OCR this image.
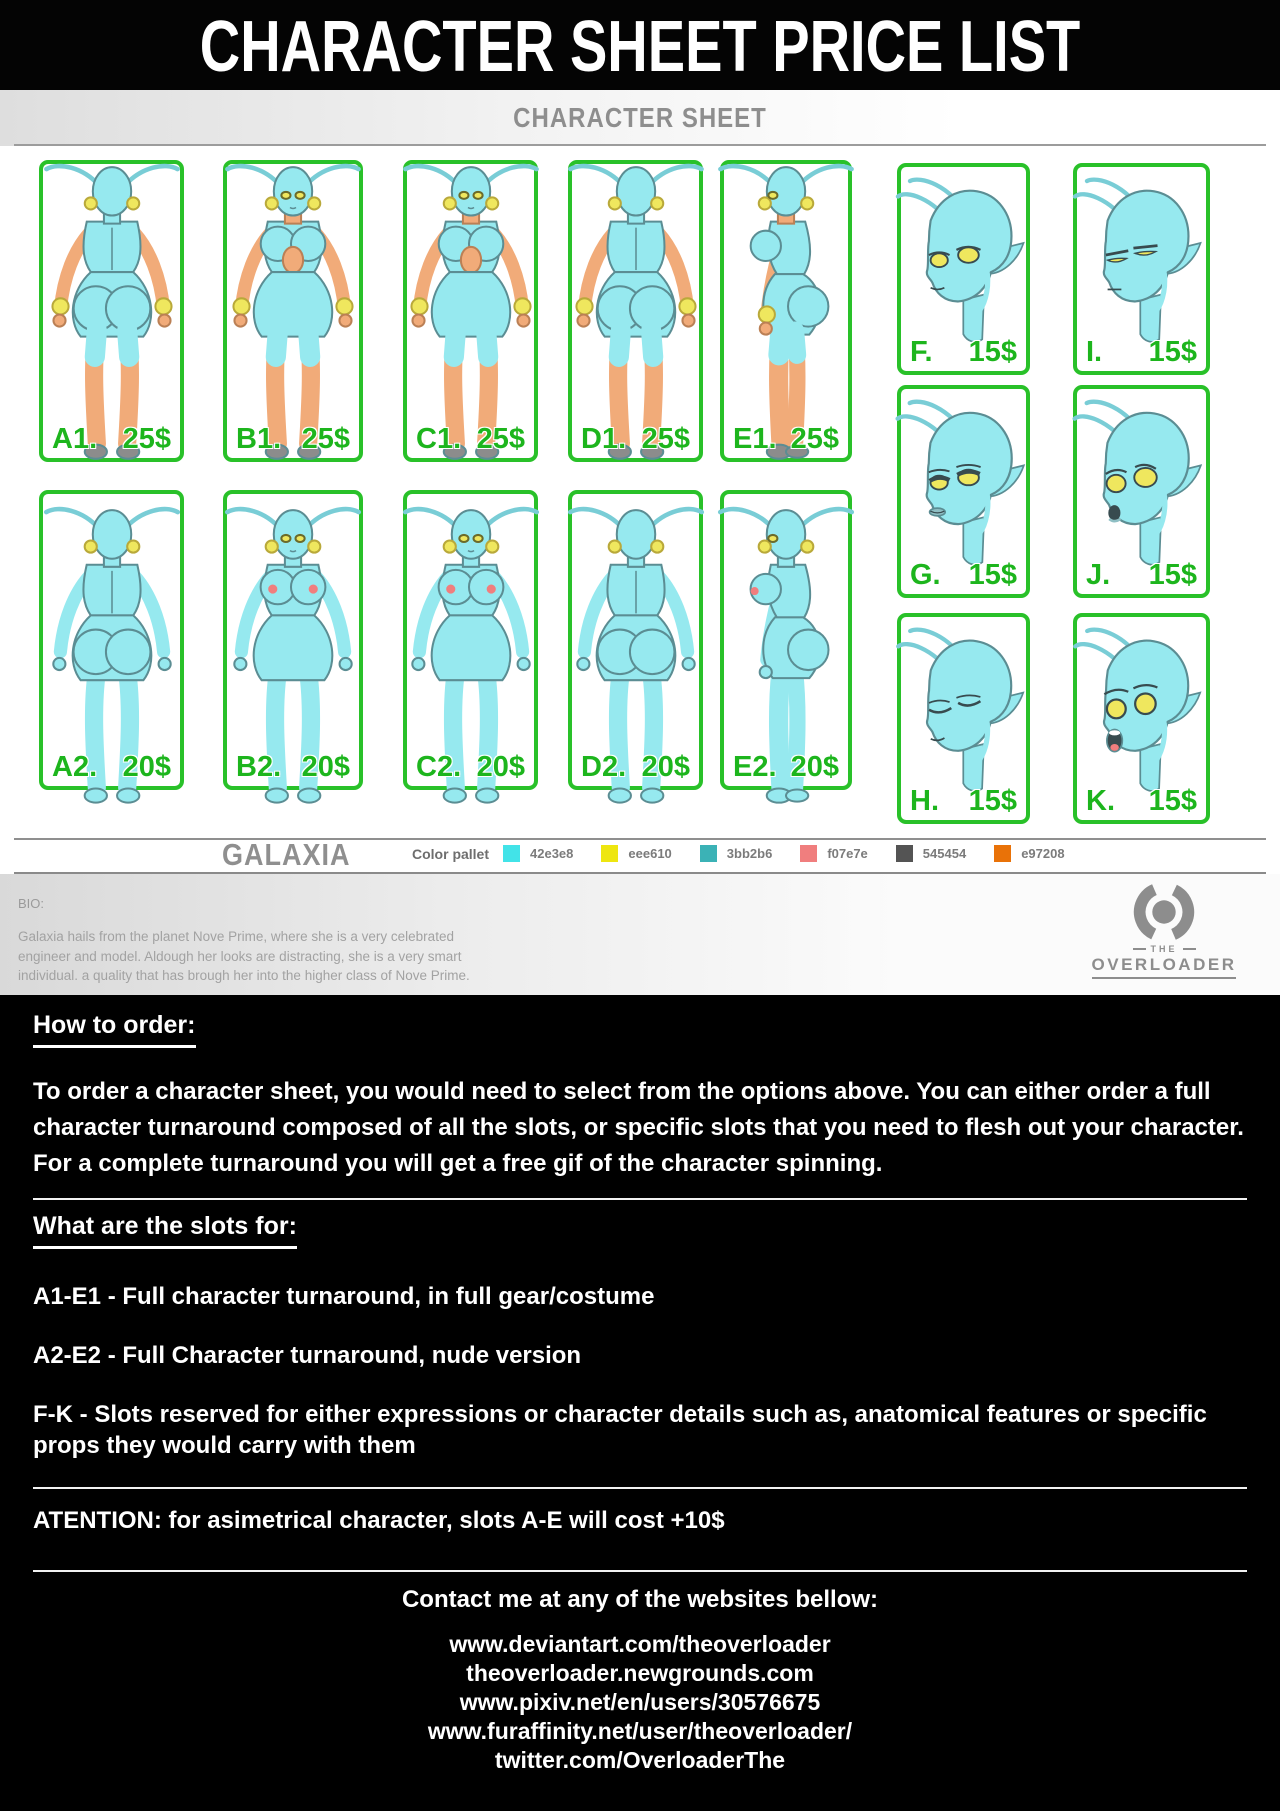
CHARACTER SHEET PRICE LIST
CHARACTER SHEET
A1. 25$ B1. 25$ C1. 25$ D1. 25$ E1. 25$
A2. 20$ B2. 20$ C2. 20$ D2. 20$ E2. 20$
F. 15$ I. 15$
G. 15$ J. 15$
H. 15$ K. 15$
GALAXIA	Color pallet	42e3e8	eee610	3bb2b6	f07e7e	545454	e97208
BIO:
Galaxia hails from the planet Nove Prime, where she is a very celebrated engineer and model. Aldough her looks are distracting, she is a very smart individual. a quality that has brough her into the higher class of Nove Prime.
THE
OVERLOADER
How to order:
To order a character sheet, you would need to select from the options above. You can either order a full character turnaround composed of all the slots, or specific slots that you need to flesh out your character. For a complete turnaround you will get a free gif of the character spinning.
What are the slots for:
A1-E1 - Full character turnaround, in full gear/costume
A2-E2 - Full Character turnaround, nude version
F-K - Slots reserved for either expressions or character details such as, anatomical features or specific props they would carry with them
ATENTION: for asimetrical character, slots A-E will cost +10$
Contact me at any of the websites bellow:
www.deviantart.com/theoverloader
theoverloader.newgrounds.com
www.pixiv.net/en/users/30576675
www.furaffinity.net/user/theoverloader/
twitter.com/OverloaderThe
